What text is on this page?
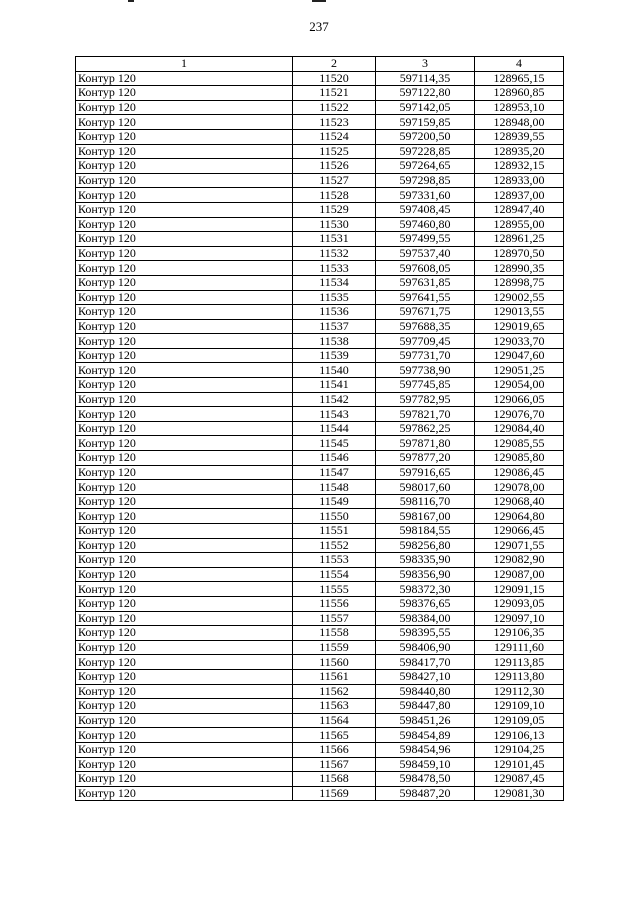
237
1	2	3	4
Контур 120	11520	597114,35	128965,15
Контур 120	11521	597122,80	128960,85
Контур 120	11522	597142,05	128953,10
Контур 120	11523	597159,85	128948,00
Контур 120	11524	597200,50	128939,55
Контур 120	11525	597228,85	128935,20
Контур 120	11526	597264,65	128932,15
Контур 120	11527	597298,85	128933,00
Контур 120	11528	597331,60	128937,00
Контур 120	11529	597408,45	128947,40
Контур 120	11530	597460,80	128955,00
Контур 120	11531	597499,55	128961,25
Контур 120	11532	597537,40	128970,50
Контур 120	11533	597608,05	128990,35
Контур 120	11534	597631,85	128998,75
Контур 120	11535	597641,55	129002,55
Контур 120	11536	597671,75	129013,55
Контур 120	11537	597688,35	129019,65
Контур 120	11538	597709,45	129033,70
Контур 120	11539	597731,70	129047,60
Контур 120	11540	597738,90	129051,25
Контур 120	11541	597745,85	129054,00
Контур 120	11542	597782,95	129066,05
Контур 120	11543	597821,70	129076,70
Контур 120	11544	597862,25	129084,40
Контур 120	11545	597871,80	129085,55
Контур 120	11546	597877,20	129085,80
Контур 120	11547	597916,65	129086,45
Контур 120	11548	598017,60	129078,00
Контур 120	11549	598116,70	129068,40
Контур 120	11550	598167,00	129064,80
Контур 120	11551	598184,55	129066,45
Контур 120	11552	598256,80	129071,55
Контур 120	11553	598335,90	129082,90
Контур 120	11554	598356,90	129087,00
Контур 120	11555	598372,30	129091,15
Контур 120	11556	598376,65	129093,05
Контур 120	11557	598384,00	129097,10
Контур 120	11558	598395,55	129106,35
Контур 120	11559	598406,90	129111,60
Контур 120	11560	598417,70	129113,85
Контур 120	11561	598427,10	129113,80
Контур 120	11562	598440,80	129112,30
Контур 120	11563	598447,80	129109,10
Контур 120	11564	598451,26	129109,05
Контур 120	11565	598454,89	129106,13
Контур 120	11566	598454,96	129104,25
Контур 120	11567	598459,10	129101,45
Контур 120	11568	598478,50	129087,45
Контур 120	11569	598487,20	129081,30
